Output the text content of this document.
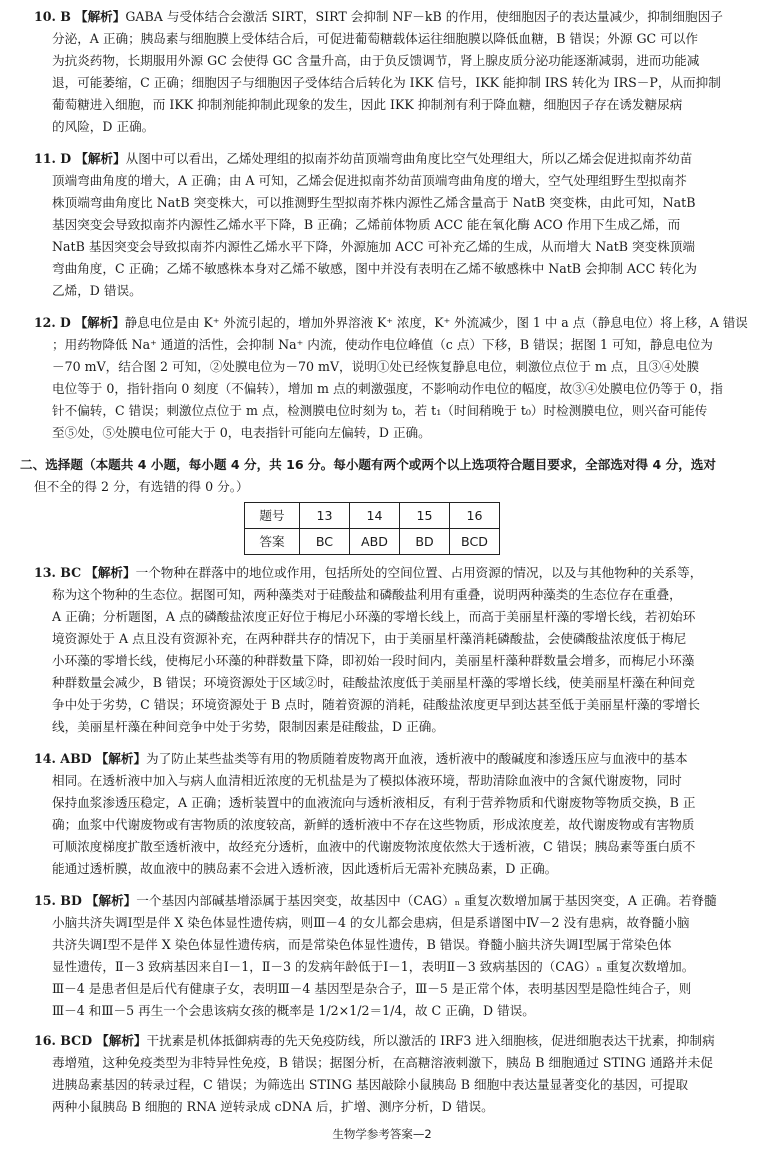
10. B 【解析】GABA 与受体结合会激活 SIRT，SIRT 会抑制 NF－kB 的作用，使细胞因子的表达量减少，抑制细胞因子
分泌，A 正确；胰岛素与细胞膜上受体结合后，可促进葡萄糖载体运往细胞膜以降低血糖，B 错误；外源 GC 可以作
为抗炎药物，长期服用外源 GC 会使得 GC 含量升高，由于负反馈调节，肾上腺皮质分泌功能逐渐减弱，进而功能减
退，可能萎缩，C 正确；细胞因子与细胞因子受体结合后转化为 IKK 信号，IKK 能抑制 IRS 转化为 IRS－P，从而抑制
葡萄糖进入细胞，而 IKK 抑制剂能抑制此现象的发生，因此 IKK 抑制剂有利于降血糖，细胞因子存在诱发糖尿病
的风险，D 正确。
11. D 【解析】从图中可以看出，乙烯处理组的拟南芥幼苗顶端弯曲角度比空气处理组大，所以乙烯会促进拟南芥幼苗
顶端弯曲角度的增大，A 正确；由 A 可知，乙烯会促进拟南芥幼苗顶端弯曲角度的增大，空气处理组野生型拟南芥
株顶端弯曲角度比 NatB 突变株大，可以推测野生型拟南芥株内源性乙烯含量高于 NatB 突变株，由此可知，NatB
基因突变会导致拟南芥内源性乙烯水平下降，B 正确；乙烯前体物质 ACC 能在氧化酶 ACO 作用下生成乙烯，而
NatB 基因突变会导致拟南芥内源性乙烯水平下降，外源施加 ACC 可补充乙烯的生成，从而增大 NatB 突变株顶端
弯曲角度，C 正确；乙烯不敏感株本身对乙烯不敏感，图中并没有表明在乙烯不敏感株中 NatB 会抑制 ACC 转化为
乙烯，D 错误。
12. D 【解析】静息电位是由 K⁺ 外流引起的，增加外界溶液 K⁺ 浓度，K⁺ 外流减少，图 1 中 a 点（静息电位）将上移，A 错误
；用药物降低 Na⁺ 通道的活性，会抑制 Na⁺ 内流，使动作电位峰值（c 点）下移，B 错误；据图 1 可知，静息电位为
－70 mV，结合图 2 可知，②处膜电位为－70 mV，说明①处已经恢复静息电位，刺激位点位于 m 点，且③④处膜
电位等于 0，指针指向 0 刻度（不偏转），增加 m 点的刺激强度，不影响动作电位的幅度，故③④处膜电位仍等于 0，指
针不偏转，C 错误；刺激位点位于 m 点，检测膜电位时刻为 t₀，若 t₁（时间稍晚于 t₀）时检测膜电位，则兴奋可能传
至⑤处，⑤处膜电位可能大于 0，电表指针可能向左偏转，D 正确。
二、选择题（本题共 4 小题，每小题 4 分，共 16 分。每小题有两个或两个以上选项符合题目要求，全部选对得 4 分，选对
但不全的得 2 分，有选错的得 0 分。）
题号	13	14	15	16
答案	BC	ABD	BD	BCD
13. BC 【解析】一个物种在群落中的地位或作用，包括所处的空间位置、占用资源的情况，以及与其他物种的关系等，
称为这个物种的生态位。据图可知，两种藻类对于硅酸盐和磷酸盐利用有重叠，说明两种藻类的生态位存在重叠，
A 正确；分析题图，A 点的磷酸盐浓度正好位于梅尼小环藻的零增长线上，而高于美丽星杆藻的零增长线，若初始环
境资源处于 A 点且没有资源补充，在两种群共存的情况下，由于美丽星杆藻消耗磷酸盐，会使磷酸盐浓度低于梅尼
小环藻的零增长线，使梅尼小环藻的种群数量下降，即初始一段时间内，美丽星杆藻种群数量会增多，而梅尼小环藻
种群数量会减少，B 错误；环境资源处于区域②时，硅酸盐浓度低于美丽星杆藻的零增长线，使美丽星杆藻在种间竞
争中处于劣势，C 错误；环境资源处于 B 点时，随着资源的消耗，硅酸盐浓度更早到达甚至低于美丽星杆藻的零增长
线，美丽星杆藻在种间竞争中处于劣势，限制因素是硅酸盐，D 正确。
14. ABD 【解析】为了防止某些盐类等有用的物质随着废物离开血液，透析液中的酸碱度和渗透压应与血液中的基本
相同。在透析液中加入与病人血清相近浓度的无机盐是为了模拟体液环境，帮助清除血液中的含氮代谢废物，同时
保持血浆渗透压稳定，A 正确；透析装置中的血液流向与透析液相反，有利于营养物质和代谢废物等物质交换，B 正
确；血浆中代谢废物或有害物质的浓度较高，新鲜的透析液中不存在这些物质，形成浓度差，故代谢废物或有害物质
可顺浓度梯度扩散至透析液中，故经充分透析，血液中的代谢废物浓度依然大于透析液，C 错误；胰岛素等蛋白质不
能通过透析膜，故血液中的胰岛素不会进入透析液，因此透析后无需补充胰岛素，D 正确。
15. BD 【解析】一个基因内部碱基增添属于基因突变，故基因中（CAG）ₙ 重复次数增加属于基因突变，A 正确。若脊髓
小脑共济失调Ⅰ型是伴 X 染色体显性遗传病，则Ⅲ－4 的女儿都会患病，但是系谱图中Ⅳ－2 没有患病，故脊髓小脑
共济失调Ⅰ型不是伴 X 染色体显性遗传病，而是常染色体显性遗传，B 错误。脊髓小脑共济失调Ⅰ型属于常染色体
显性遗传，Ⅱ－3 致病基因来自Ⅰ－1，Ⅱ－3 的发病年龄低于Ⅰ－1，表明Ⅱ－3 致病基因的（CAG）ₙ 重复次数增加。
Ⅲ－4 是患者但是后代有健康子女，表明Ⅲ－4 基因型是杂合子，Ⅲ－5 是正常个体，表明基因型是隐性纯合子，则
Ⅲ－4 和Ⅲ－5 再生一个会患该病女孩的概率是 1/2×1/2＝1/4，故 C 正确，D 错误。
16. BCD 【解析】干扰素是机体抵御病毒的先天免疫防线，所以激活的 IRF3 进入细胞核，促进细胞表达干扰素，抑制病
毒增殖，这种免疫类型为非特异性免疫，B 错误；据图分析，在高糖溶液刺激下，胰岛 B 细胞通过 STING 通路并未促
进胰岛素基因的转录过程，C 错误；为筛选出 STING 基因敲除小鼠胰岛 B 细胞中表达量显著变化的基因，可提取
两种小鼠胰岛 B 细胞的 RNA 逆转录成 cDNA 后，扩增、测序分析，D 错误。
生物学参考答案—2
